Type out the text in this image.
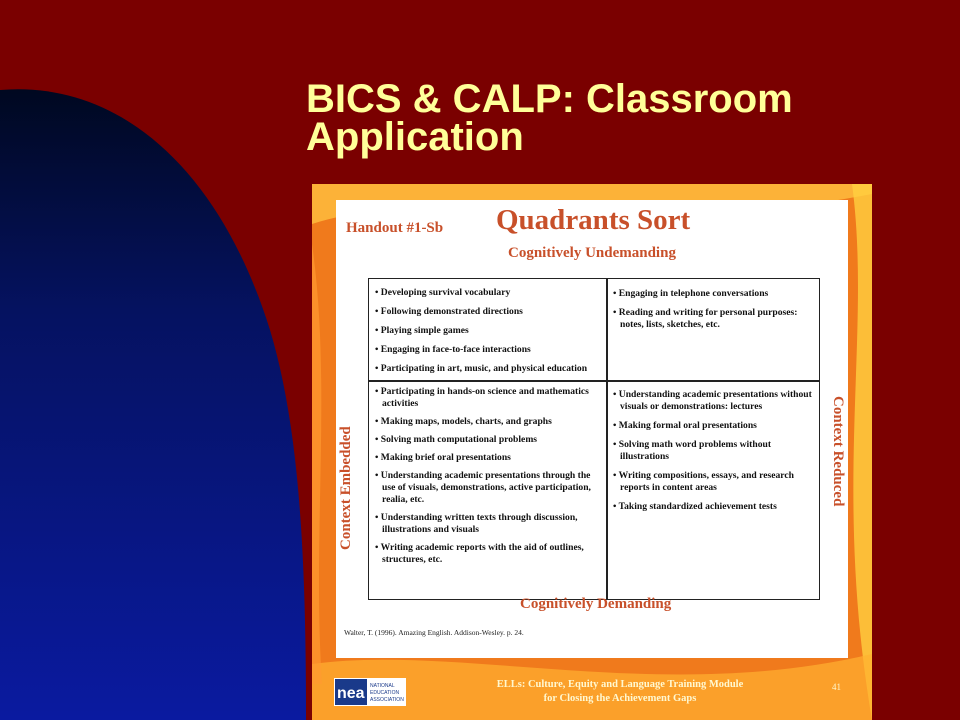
BICS & CALP: Classroom Application
Handout #1-Sb Quadrants Sort
Cognitively Undemanding
Context Embedded	Context Reduced
• Developing survival vocabulary
• Following demonstrated directions
• Playing simple games
• Engaging in face-to-face interactions
• Participating in art, music, and physical education
• Engaging in telephone conversations
• Reading and writing for personal purposes: notes, lists, sketches, etc.
• Participating in hands-on science and mathematics activities
• Making maps, models, charts, and graphs
• Solving math computational problems
• Making brief oral presentations
• Understanding academic presentations through the use of visuals, demonstrations, active participation, realia, etc.
• Understanding written texts through discussion, illustrations and visuals
• Writing academic reports with the aid of outlines, structures, etc.
• Understanding academic presentations without visuals or demonstrations: lectures
• Making formal oral presentations
• Solving math word problems without illustrations
• Writing compositions, essays, and research reports in content areas
• Taking standardized achievement tests
Cognitively Demanding
Walter, T. (1996). Amazing English. Addison-Wesley. p. 24.
nea NATIONAL
EDUCATION
ASSOCIATION
ELLs: Culture, Equity and Language Training Module
for Closing the Achievement Gaps
41
